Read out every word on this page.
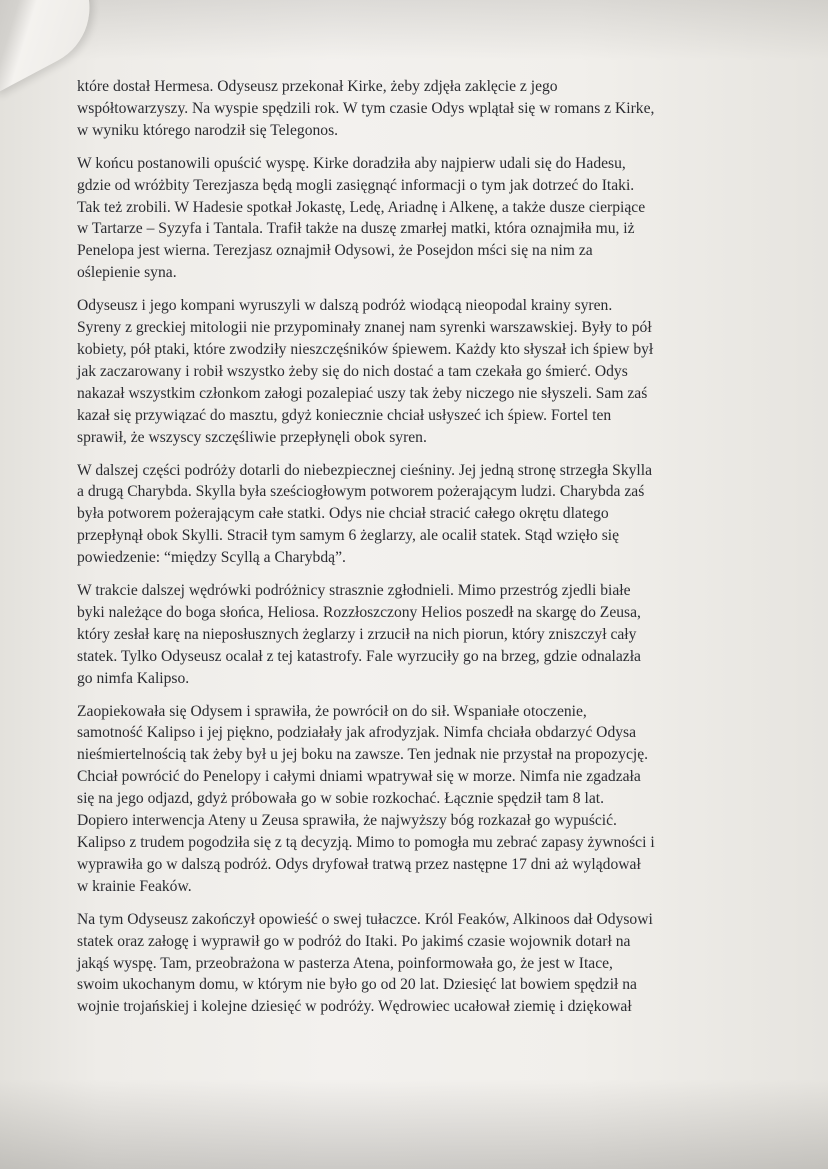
które dostał Hermesa. Odyseusz przekonał Kirke, żeby zdjęła zaklęcie z jego
współtowarzyszy. Na wyspie spędzili rok. W tym czasie Odys wplątał się w romans z Kirke,
w wyniku którego narodził się Telegonos.

W końcu postanowili opuścić wyspę. Kirke doradziła aby najpierw udali się do Hadesu,
gdzie od wróżbity Terezjasza będą mogli zasięgnąć informacji o tym jak dotrzeć do Itaki.
Tak też zrobili. W Hadesie spotkał Jokastę, Ledę, Ariadnę i Alkenę, a także dusze cierpiące
w Tartarze – Syzyfa i Tantala. Trafił także na duszę zmarłej matki, która oznajmiła mu, iż
Penelopa jest wierna. Terezjasz oznajmił Odysowi, że Posejdon mści się na nim za
oślepienie syna.

Odyseusz i jego kompani wyruszyli w dalszą podróż wiodącą nieopodal krainy syren.
Syreny z greckiej mitologii nie przypominały znanej nam syrenki warszawskiej. Były to pół
kobiety, pół ptaki, które zwodziły nieszczęśników śpiewem. Każdy kto słyszał ich śpiew był
jak zaczarowany i robił wszystko żeby się do nich dostać a tam czekała go śmierć. Odys
nakazał wszystkim członkom załogi pozalepiać uszy tak żeby niczego nie słyszeli. Sam zaś
kazał się przywiązać do masztu, gdyż koniecznie chciał usłyszeć ich śpiew. Fortel ten
sprawił, że wszyscy szczęśliwie przepłynęli obok syren.

W dalszej części podróży dotarli do niebezpiecznej cieśniny. Jej jedną stronę strzegła Skylla
a drugą Charybda. Skylla była sześciogłowym potworem pożerającym ludzi. Charybda zaś
była potworem pożerającym całe statki. Odys nie chciał stracić całego okrętu dlatego
przepłynął obok Skylli. Stracił tym samym 6 żeglarzy, ale ocalił statek. Stąd wzięło się
powiedzenie: “między Scyllą a Charybdą”.

W trakcie dalszej wędrówki podróżnicy strasznie zgłodnieli. Mimo przestróg zjedli białe
byki należące do boga słońca, Heliosa. Rozzłoszczony Helios poszedł na skargę do Zeusa,
który zesłał karę na nieposłusznych żeglarzy i zrzucił na nich piorun, który zniszczył cały
statek. Tylko Odyseusz ocalał z tej katastrofy. Fale wyrzuciły go na brzeg, gdzie odnalazła
go nimfa Kalipso.

Zaopiekowała się Odysem i sprawiła, że powrócił on do sił. Wspaniałe otoczenie,
samotność Kalipso i jej piękno, podziałały jak afrodyzjak. Nimfa chciała obdarzyć Odysa
nieśmiertelnością tak żeby był u jej boku na zawsze. Ten jednak nie przystał na propozycję.
Chciał powrócić do Penelopy i całymi dniami wpatrywał się w morze. Nimfa nie zgadzała
się na jego odjazd, gdyż próbowała go w sobie rozkochać. Łącznie spędził tam 8 lat.
Dopiero interwencja Ateny u Zeusa sprawiła, że najwyższy bóg rozkazał go wypuścić.
Kalipso z trudem pogodziła się z tą decyzją. Mimo to pomogła mu zebrać zapasy żywności i
wyprawiła go w dalszą podróż. Odys dryfował tratwą przez następne 17 dni aż wylądował
w krainie Feaków.

Na tym Odyseusz zakończył opowieść o swej tułaczce. Król Feaków, Alkinoos dał Odysowi
statek oraz załogę i wyprawił go w podróż do Itaki. Po jakimś czasie wojownik dotarł na
jakąś wyspę. Tam, przeobrażona w pasterza Atena, poinformowała go, że jest w Itace,
swoim ukochanym domu, w którym nie było go od 20 lat. Dziesięć lat bowiem spędził na
wojnie trojańskiej i kolejne dziesięć w podróży. Wędrowiec ucałował ziemię i dziękował
